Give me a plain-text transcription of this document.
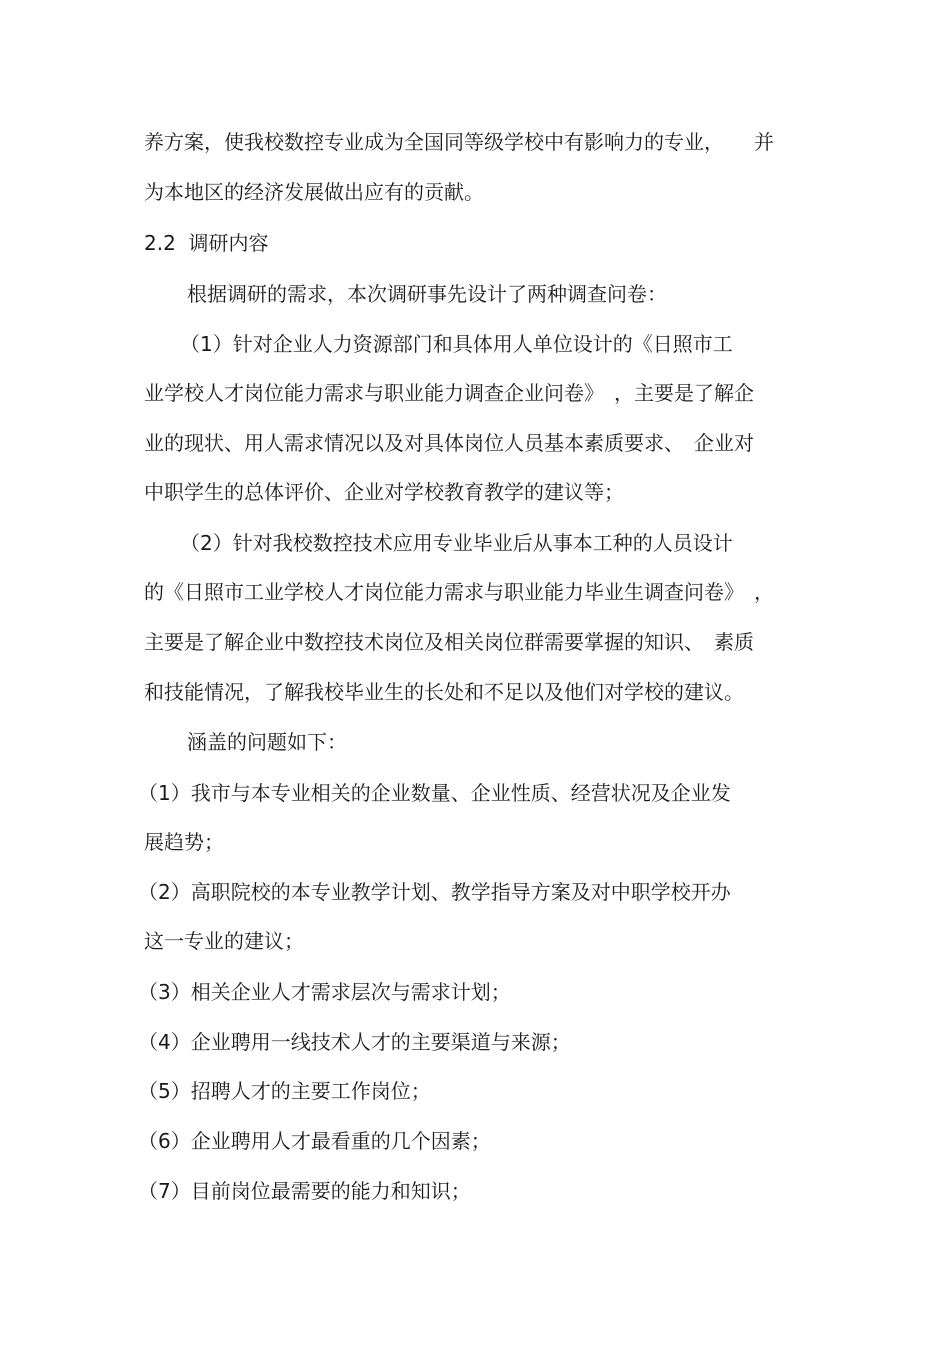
养方案，使我校数控专业成为全国同等级学校中有影响力的专业，　　并
为本地区的经济发展做出应有的贡献。
2.2  调研内容
根据调研的需求，本次调研事先设计了两种调查问卷：
（1）针对企业人力资源部门和具体用人单位设计的《日照市工
业学校人才岗位能力需求与职业能力调查企业问卷》　，主要是了解企
业的现状、用人需求情况以及对具体岗位人员基本素质要求、　企业对
中职学生的总体评价、企业对学校教育教学的建议等；
（2）针对我校数控技术应用专业毕业后从事本工种的人员设计
的《日照市工业学校人才岗位能力需求与职业能力毕业生调查问卷》　，
主要是了解企业中数控技术岗位及相关岗位群需要掌握的知识、　素质
和技能情况，了解我校毕业生的长处和不足以及他们对学校的建议。
涵盖的问题如下：
（1）我市与本专业相关的企业数量、企业性质、经营状况及企业发
展趋势；
（2）高职院校的本专业教学计划、教学指导方案及对中职学校开办
这一专业的建议；
（3）相关企业人才需求层次与需求计划；
（4）企业聘用一线技术人才的主要渠道与来源；
（5）招聘人才的主要工作岗位；
（6）企业聘用人才最看重的几个因素；
（7）目前岗位最需要的能力和知识；
